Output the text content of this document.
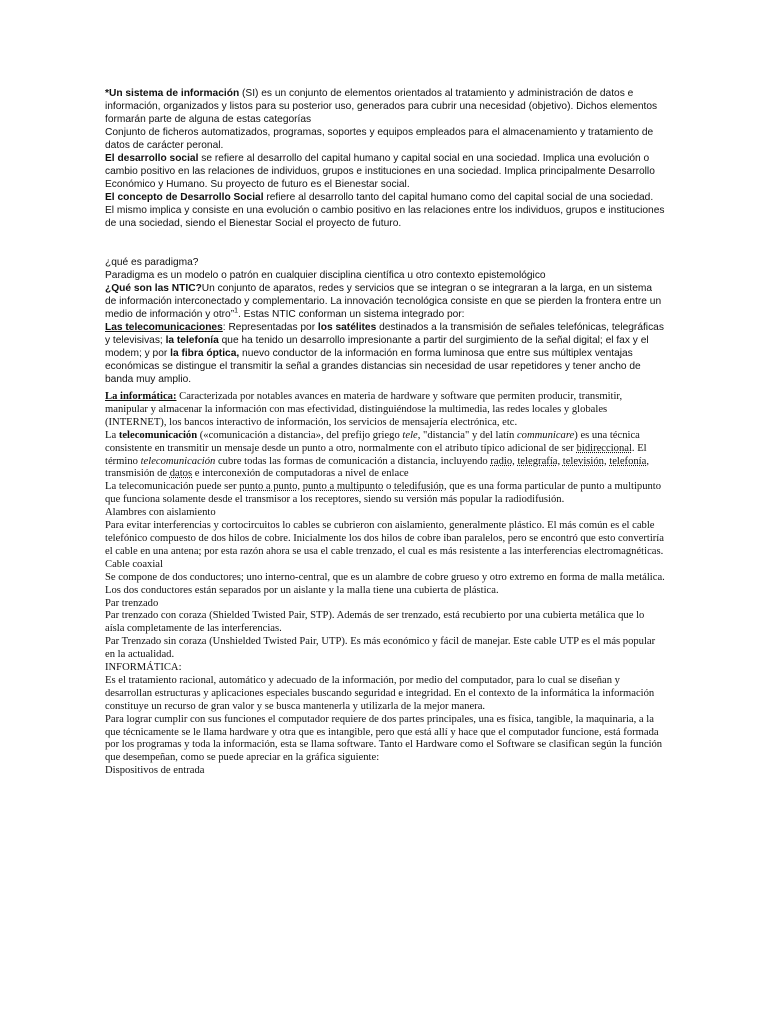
*Un sistema de información (SI) es un conjunto de elementos orientados al tratamiento y administración de datos e información, organizados y listos para su posterior uso, generados para cubrir una necesidad (objetivo). Dichos elementos formarán parte de alguna de estas categorías

Conjunto de ficheros automatizados, programas, soportes y equipos empleados para el almacenamiento y tratamiento de datos de carácter peronal.

El desarrollo social se refiere al desarrollo del capital humano y capital social en una sociedad. Implica una evolución o cambio positivo en las relaciones de individuos, grupos e instituciones en una sociedad. Implica principalmente Desarrollo Económico y Humano. Su proyecto de futuro es el Bienestar social.

El concepto de Desarrollo Social refiere al desarrollo tanto del capital humano como del capital social de una sociedad. El mismo implica y consiste en una evolución o cambio positivo en las relaciones entre los individuos, grupos e instituciones de una sociedad, siendo el Bienestar Social el proyecto de futuro.

¿qué es paradigma?

Paradigma es un modelo o patrón en cualquier disciplina científica u otro contexto epistemológico

¿Qué son las NTIC?Un conjunto de aparatos, redes y servicios que se integran o se integraran a la larga, en un sistema de información interconectado y complementario. La innovación tecnológica consiste en que se pierden la frontera entre un medio de información y otro”$^1$. Estas NTIC conforman un sistema integrado por:

Las telecomunicaciones: Representadas por los satélites destinados a la transmisión de señales telefónicas, telegráficas y televisivas; la telefonía que ha tenido un desarrollo impresionante a partir del surgimiento de la señal digital; el fax y el modem; y por la fibra óptica, nuevo conductor de la información en forma luminosa que entre sus múltiplex ventajas económicas se distingue el transmitir la señal a grandes distancias sin necesidad de usar repetidores y tener ancho de banda muy amplio.

La informática: Caracterizada por notables avances en materia de hardware y software que permiten producir, transmitir, manipular y almacenar la información con mas efectividad, distinguiéndose la multimedia, las redes locales y globales (INTERNET), los bancos interactivo de información, los servicios de mensajería electrónica, etc.

La telecomunicación («comunicación a distancia», del prefijo griego tele, "distancia" y del latín communicare) es una técnica consistente en transmitir un mensaje desde un punto a otro, normalmente con el atributo típico adicional de ser bidireccional. El término telecomunicación cubre todas las formas de comunicación a distancia, incluyendo radio, telegrafía, televisión, telefonía, transmisión de datos e interconexión de computadoras a nivel de enlace

La telecomunicación puede ser punto a punto, punto a multipunto o teledifusión, que es una forma particular de punto a multipunto que funciona solamente desde el transmisor a los receptores, siendo su versión más popular la radiodifusión.

Alambres con aislamiento

Para evitar interferencias y cortocircuitos lo cables se cubrieron con aislamiento, generalmente plástico. El más común es el cable telefónico compuesto de dos hilos de cobre. Inicialmente los dos hilos de cobre iban paralelos, pero se encontró que esto convertiría el cable en una antena; por esta razón ahora se usa el cable trenzado, el cual es más resistente a las interferencias electromagnéticas.

Cable coaxial

Se compone de dos conductores; uno interno-central, que es un alambre de cobre grueso y otro extremo en forma de malla metálica. Los dos conductores están separados por un aislante y la malla tiene una cubierta de plástica.

Par trenzado

Par trenzado con coraza (Shielded Twisted Pair, STP). Además de ser trenzado, está recubierto por una cubierta metálica que lo aísla completamente de las interferencias.

Par Trenzado sin coraza (Unshielded Twisted Pair, UTP). Es más económico y fácil de manejar. Este cable UTP es el más popular en la actualidad.

INFORMÁTICA:

Es el tratamiento racional, automático y adecuado de la información, por medio del computador, para lo cual se diseñan y desarrollan estructuras y aplicaciones especiales buscando seguridad e integridad. En el contexto de la informática la información constituye un recurso de gran valor y se busca mantenerla y utilizarla de la mejor manera.

Para lograr cumplir con sus funciones el computador requiere de dos partes principales, una es física, tangible, la maquinaria, a la que técnicamente se le llama hardware y otra que es intangible, pero que está allí y hace que el computador funcione, está formada por los programas y toda la información, esta se llama software. Tanto el Hardware como el Software se clasifican según la función que desempeñan, como se puede apreciar en la gráfica siguiente:

Dispositivos de entrada
